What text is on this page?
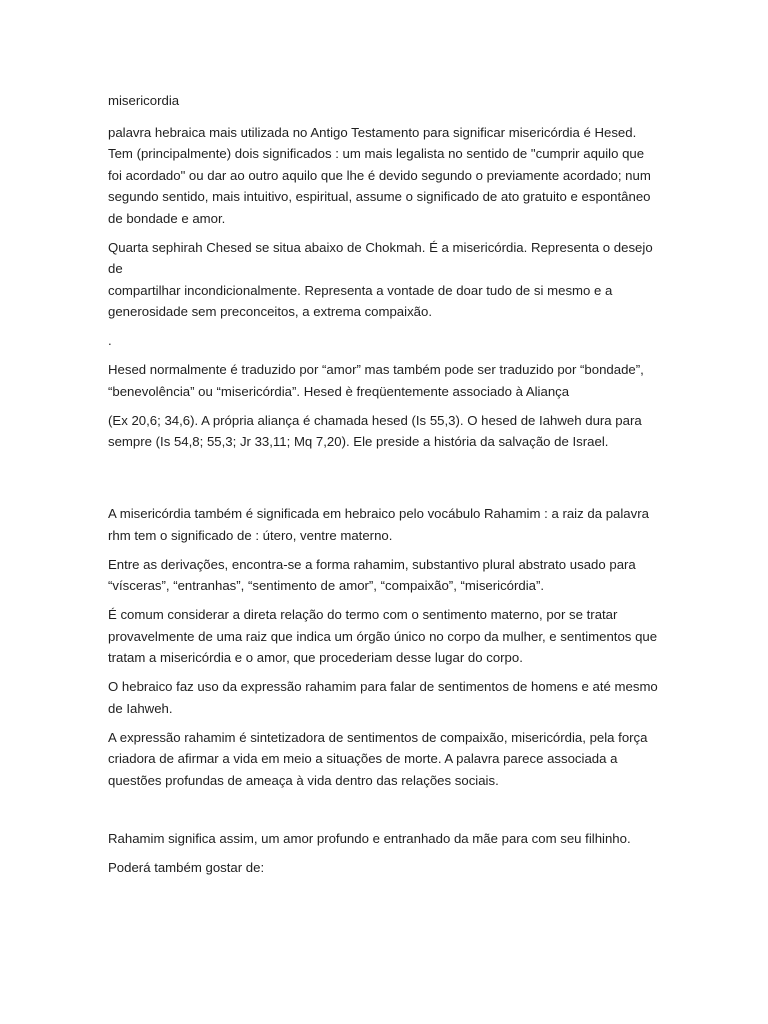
misericordia

palavra hebraica mais utilizada no Antigo Testamento para significar misericórdia é Hesed.
Tem (principalmente) dois significados : um mais legalista no sentido de "cumprir aquilo que
foi acordado" ou dar ao outro aquilo que lhe é devido segundo o previamente acordado; num
segundo sentido, mais intuitivo, espiritual, assume o significado de ato gratuito e espontâneo
de bondade e amor.

Quarta sephirah Chesed se situa abaixo de Chokmah. É a misericórdia. Representa o desejo de
compartilhar incondicionalmente. Representa a vontade de doar tudo de si mesmo e a
generosidade sem preconceitos, a extrema compaixão.

.

Hesed normalmente é traduzido por “amor” mas também pode ser traduzido por “bondade”,
“benevolência” ou “misericórdia”. Hesed è freqüentemente associado à Aliança

(Ex 20,6; 34,6). A própria aliança é chamada hesed (Is 55,3). O hesed de Iahweh dura para
sempre (Is 54,8; 55,3; Jr 33,11; Mq 7,20). Ele preside a história da salvação de Israel.

A misericórdia também é significada em hebraico pelo vocábulo Rahamim : a raiz da palavra
rhm tem o significado de : útero, ventre materno.

Entre as derivações, encontra-se a forma rahamim, substantivo plural abstrato usado para
“vísceras”, “entranhas”, “sentimento de amor”, “compaixão”, “misericórdia”.

É comum considerar a direta relação do termo com o sentimento materno, por se tratar
provavelmente de uma raiz que indica um órgão único no corpo da mulher, e sentimentos que
tratam a misericórdia e o amor, que procederiam desse lugar do corpo.

O hebraico faz uso da expressão rahamim para falar de sentimentos de homens e até mesmo
de Iahweh.

A expressão rahamim é sintetizadora de sentimentos de compaixão, misericórdia, pela força
criadora de afirmar a vida em meio a situações de morte. A palavra parece associada a
questões profundas de ameaça à vida dentro das relações sociais.

Rahamim significa assim, um amor profundo e entranhado da mãe para com seu filhinho.

Poderá também gostar de:
